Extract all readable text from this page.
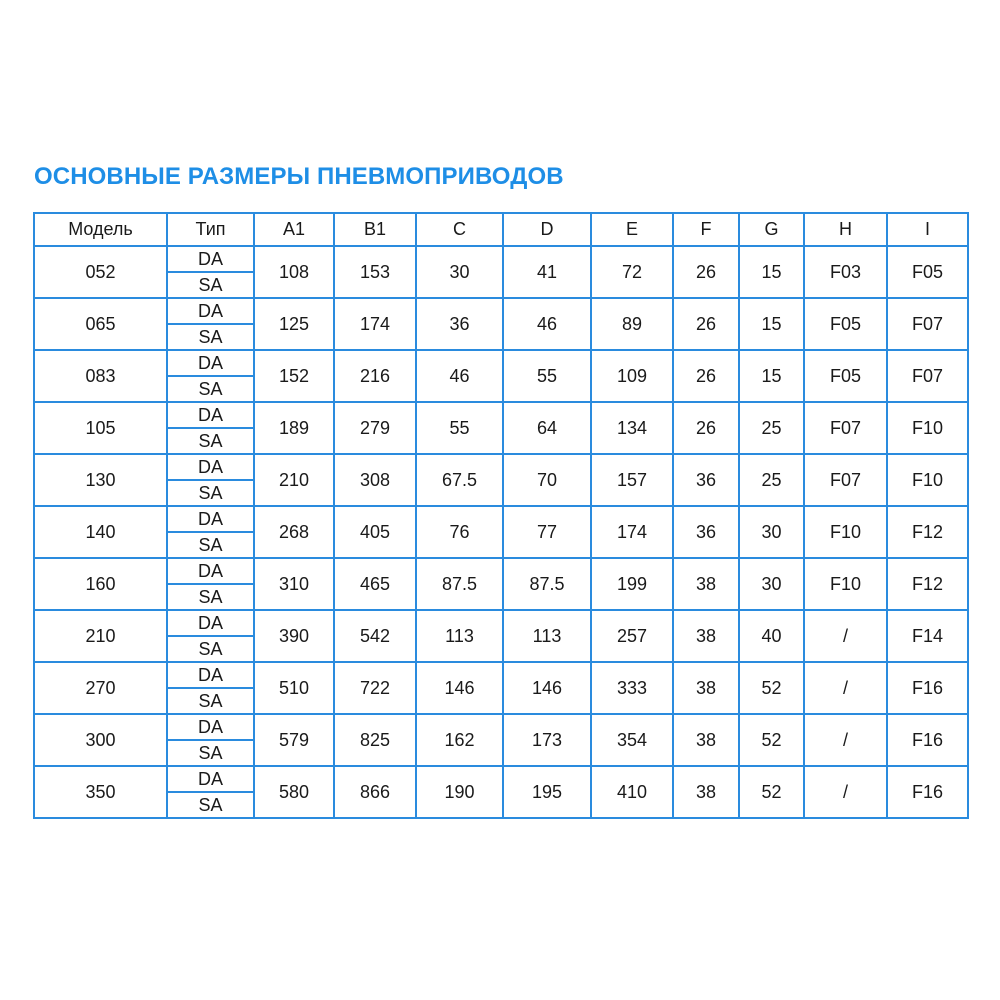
ОСНОВНЫЕ РАЗМЕРЫ ПНЕВМОПРИВОДОВ
Модель	Тип	A1	B1	C	D	E	F	G	H	I
052	DA	108	153	30	41	72	26	15	F03	F05
	SA									
065	DA	125	174	36	46	89	26	15	F05	F07
	SA									
083	DA	152	216	46	55	109	26	15	F05	F07
	SA									
105	DA	189	279	55	64	134	26	25	F07	F10
	SA									
130	DA	210	308	67.5	70	157	36	25	F07	F10
	SA									
140	DA	268	405	76	77	174	36	30	F10	F12
	SA									
160	DA	310	465	87.5	87.5	199	38	30	F10	F12
	SA									
210	DA	390	542	113	113	257	38	40	/	F14
	SA									
270	DA	510	722	146	146	333	38	52	/	F16
	SA									
300	DA	579	825	162	173	354	38	52	/	F16
	SA									
350	DA	580	866	190	195	410	38	52	/	F16
	SA									
